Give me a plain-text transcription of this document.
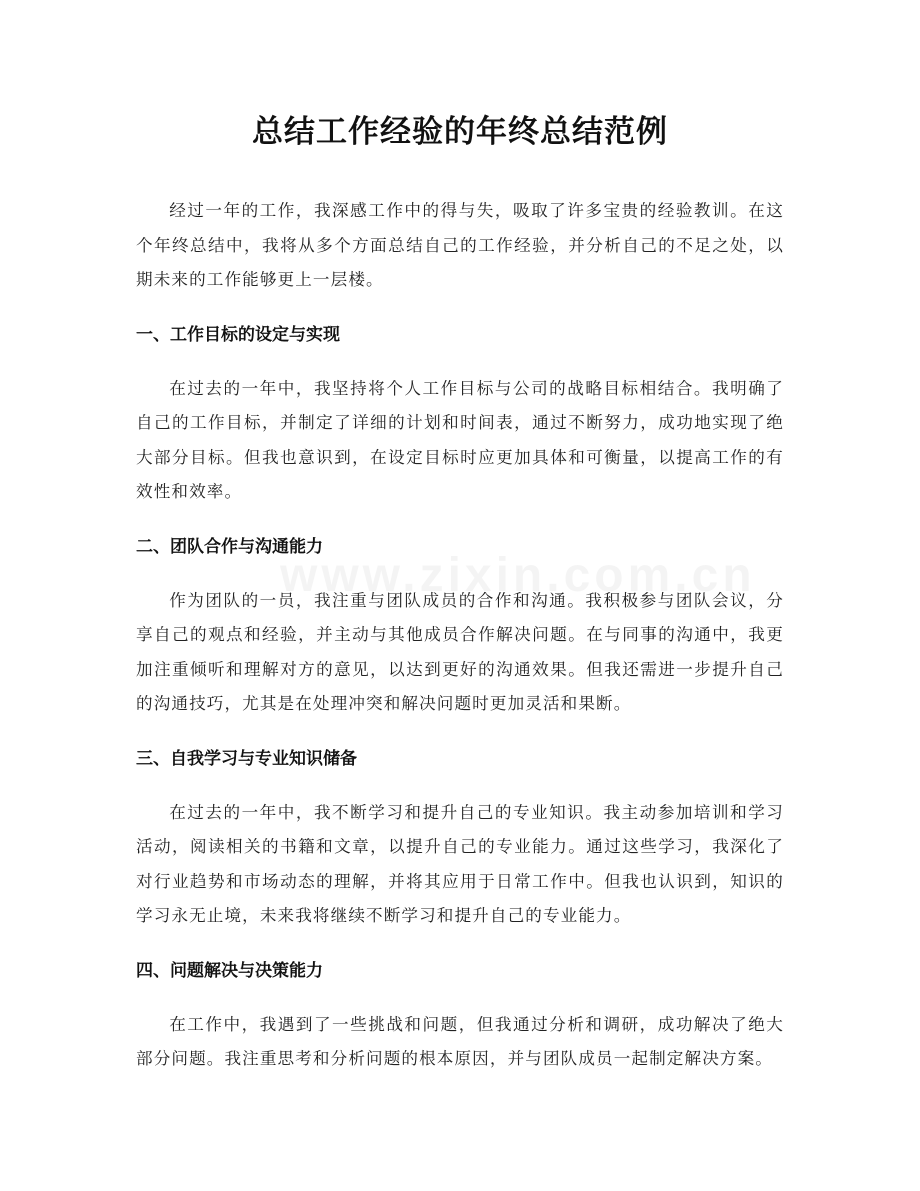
总结工作经验的年终总结范例

经过一年的工作，我深感工作中的得与失，吸取了许多宝贵的经验教训。在这个年终总结中，我将从多个方面总结自己的工作经验，并分析自己的不足之处，以期未来的工作能够更上一层楼。

一、工作目标的设定与实现

在过去的一年中，我坚持将个人工作目标与公司的战略目标相结合。我明确了自己的工作目标，并制定了详细的计划和时间表，通过不断努力，成功地实现了绝大部分目标。但我也意识到，在设定目标时应更加具体和可衡量，以提高工作的有效性和效率。

二、团队合作与沟通能力

作为团队的一员，我注重与团队成员的合作和沟通。我积极参与团队会议，分享自己的观点和经验，并主动与其他成员合作解决问题。在与同事的沟通中，我更加注重倾听和理解对方的意见，以达到更好的沟通效果。但我还需进一步提升自己的沟通技巧，尤其是在处理冲突和解决问题时更加灵活和果断。

三、自我学习与专业知识储备

在过去的一年中，我不断学习和提升自己的专业知识。我主动参加培训和学习活动，阅读相关的书籍和文章，以提升自己的专业能力。通过这些学习，我深化了对行业趋势和市场动态的理解，并将其应用于日常工作中。但我也认识到，知识的学习永无止境，未来我将继续不断学习和提升自己的专业能力。

四、问题解决与决策能力

在工作中，我遇到了一些挑战和问题，但我通过分析和调研，成功解决了绝大部分问题。我注重思考和分析问题的根本原因，并与团队成员一起制定解决方案。
